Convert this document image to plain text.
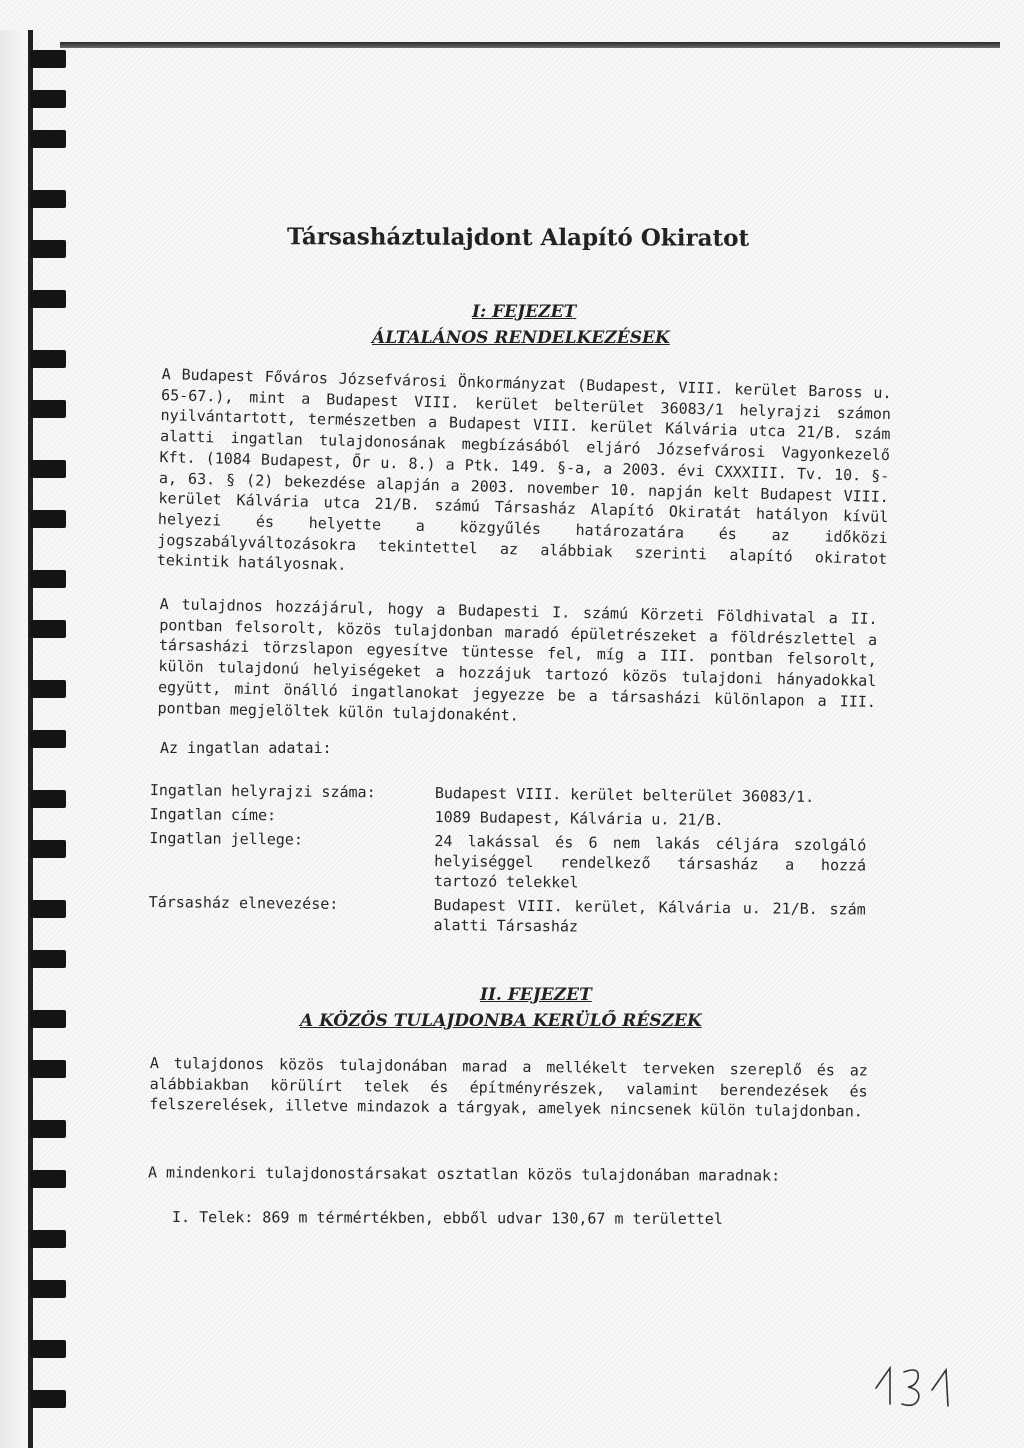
Társasháztulajdont Alapító Okiratot
I: FEJEZET
ÁLTALÁNOS RENDELKEZÉSEK
A Budapest Főváros Józsefvárosi Önkormányzat (Budapest, VIII. kerület Baross u. 65-67.), mint a Budapest VIII. kerület belterület 36083/1 helyrajzi számon nyilvántartott, természetben a Budapest VIII. kerület Kálvária utca 21/B. szám alatti ingatlan tulajdonosának megbízásából eljáró Józsefvárosi Vagyonkezelő Kft. (1084 Budapest, Őr u. 8.) a Ptk. 149. §-a, a 2003. évi CXXXIII. Tv. 10. §-a, 63. § (2) bekezdése alapján a 2003. november 10. napján kelt Budapest VIII. kerület Kálvária utca 21/B. számú Társasház Alapító Okiratát hatályon kívül helyezi és helyette a közgyűlés határozatára és az időközi jogszabályváltozásokra tekintettel az alábbiak szerinti alapító okiratot tekintik hatályosnak.
A tulajdnos hozzájárul, hogy a Budapesti I. számú Körzeti Földhivatal a II. pontban felsorolt, közös tulajdonban maradó épületrészeket a földrészlettel a társasházi törzslapon egyesítve tüntesse fel, míg a III. pontban felsorolt, külön tulajdonú helyiségeket a hozzájuk tartozó közös tulajdoni hányadokkal együtt, mint önálló ingatlanokat jegyezze be a társasházi különlapon a III. pontban megjelöltek külön tulajdonaként.
Az ingatlan adatai:
Ingatlan helyrajzi száma:	Budapest VIII. kerület belterület 36083/1.
Ingatlan címe:	1089 Budapest, Kálvária u. 21/B.
Ingatlan jellege:	24 lakással és 6 nem lakás céljára szolgáló helyiséggel rendelkező társasház a hozzá tartozó telekkel
Társasház elnevezése:	Budapest VIII. kerület, Kálvária u. 21/B. szám alatti Társasház
II. FEJEZET
A KÖZÖS TULAJDONBA KERÜLŐ RÉSZEK
A tulajdonos közös tulajdonában marad a mellékelt terveken szereplő és az alábbiakban körülírt telek és építményrészek, valamint berendezések és felszerelések, illetve mindazok a tárgyak, amelyek nincsenek külön tulajdonban.
A mindenkori tulajdonostársakat osztatlan közös tulajdonában maradnak:
I. Telek: 869 m térmértékben, ebből udvar 130,67 m területtel
